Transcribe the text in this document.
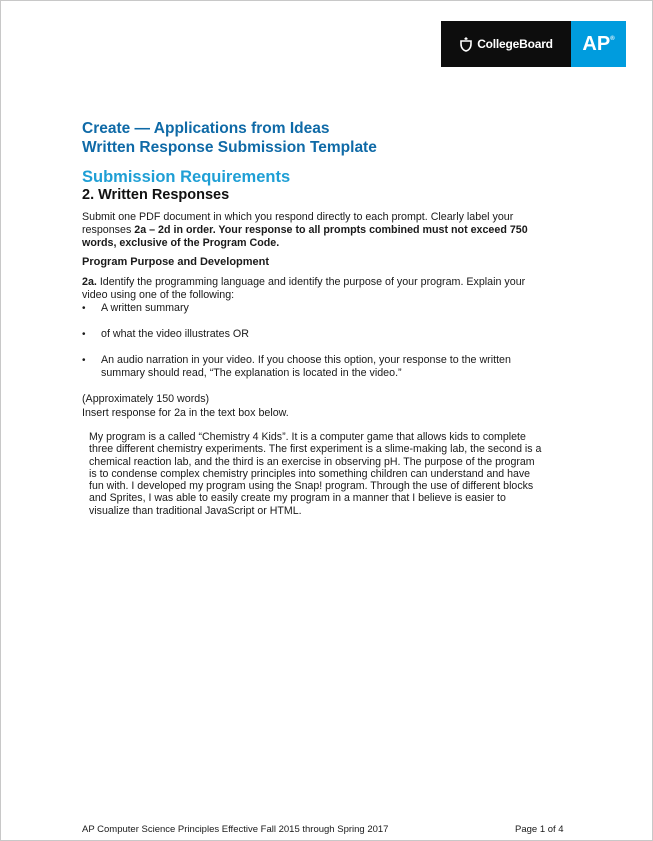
CollegeBoard AP®
Create — Applications from Ideas
Written Response Submission Template
Submission Requirements
2. Written Responses
Submit one PDF document in which you respond directly to each prompt. Clearly label your responses 2a – 2d in order. Your response to all prompts combined must not exceed 750 words, exclusive of the Program Code.
Program Purpose and Development
2a. Identify the programming language and identify the purpose of your program. Explain your video using one of the following:
• A written summary
• of what the video illustrates OR
• An audio narration in your video. If you choose this option, your response to the written summary should read, “The explanation is located in the video.”
(Approximately 150 words)
Insert response for 2a in the text box below.
My program is a called “Chemistry 4 Kids”. It is a computer game that allows kids to complete three different chemistry experiments. The first experiment is a slime-making lab, the second is a chemical reaction lab, and the third is an exercise in observing pH. The purpose of the program is to condense complex chemistry principles into something children can understand and have fun with. I developed my program using the Snap! program. Through the use of different blocks and Sprites, I was able to easily create my program in a manner that I believe is easier to visualize than traditional JavaScript or HTML.
AP Computer Science Principles Effective Fall 2015 through Spring 2017	Page 1 of 4
